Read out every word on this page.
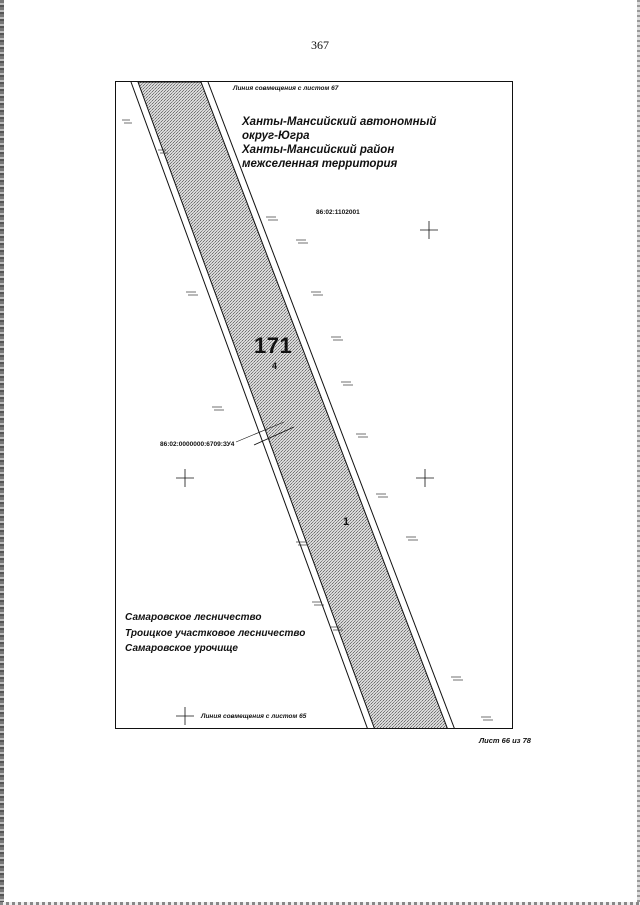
367
Линия совмещения с листом 67
Ханты-Мансийский автономный
округ-Югра
Ханты-Мансийский район
межселенная территория
86:02:1102001
171
4
86:02:0000000:6709:ЗУ4
1
Самаровское лесничество
Троицкое участковое лесничество
Самаровское урочище
Линия совмещения с листом 65
Лист 66 из 78
